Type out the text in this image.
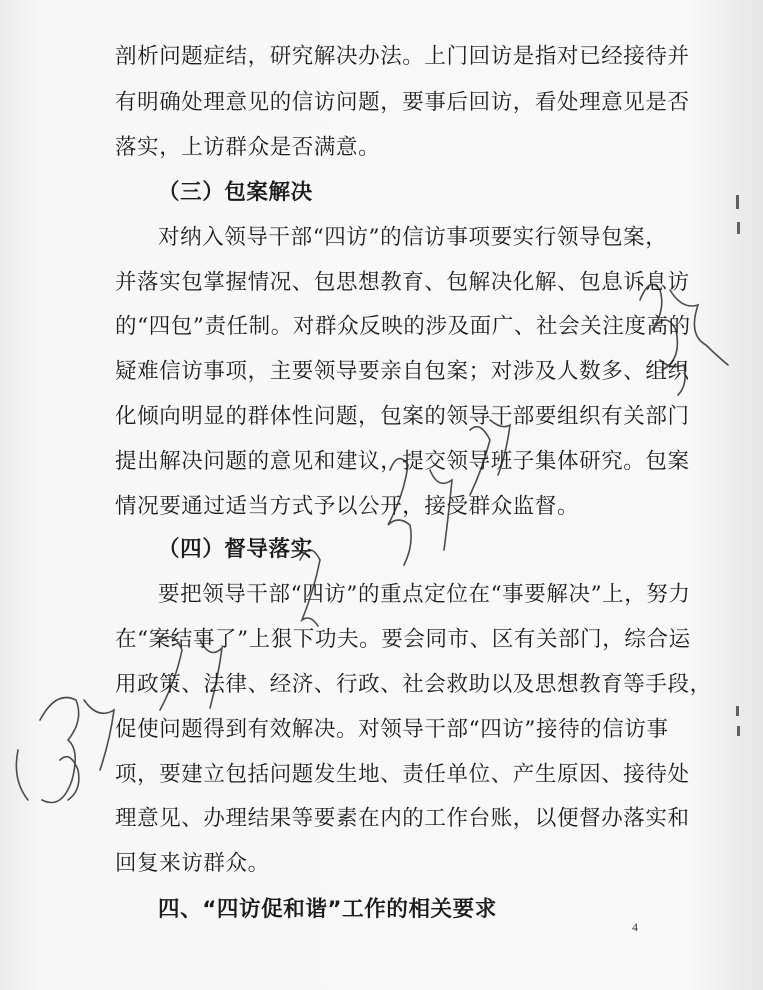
剖析问题症结，研究解决办法。上门回访是指对已经接待并
有明确处理意见的信访问题，要事后回访，看处理意见是否
落实，上访群众是否满意。
（三）包案解决
对纳入领导干部“四访”的信访事项要实行领导包案，
并落实包掌握情况、包思想教育、包解决化解、包息诉息访
的“四包”责任制。对群众反映的涉及面广、社会关注度高的
疑难信访事项，主要领导要亲自包案；对涉及人数多、组织
化倾向明显的群体性问题，包案的领导干部要组织有关部门
提出解决问题的意见和建议，提交领导班子集体研究。包案
情况要通过适当方式予以公开，接受群众监督。
（四）督导落实
要把领导干部“四访”的重点定位在“事要解决”上，努力
在“案结事了”上狠下功夫。要会同市、区有关部门，综合运
用政策、法律、经济、行政、社会救助以及思想教育等手段，
促使问题得到有效解决。对领导干部“四访”接待的信访事
项，要建立包括问题发生地、责任单位、产生原因、接待处
理意见、办理结果等要素在内的工作台账，以便督办落实和
回复来访群众。
四、“四访促和谐”工作的相关要求
4
